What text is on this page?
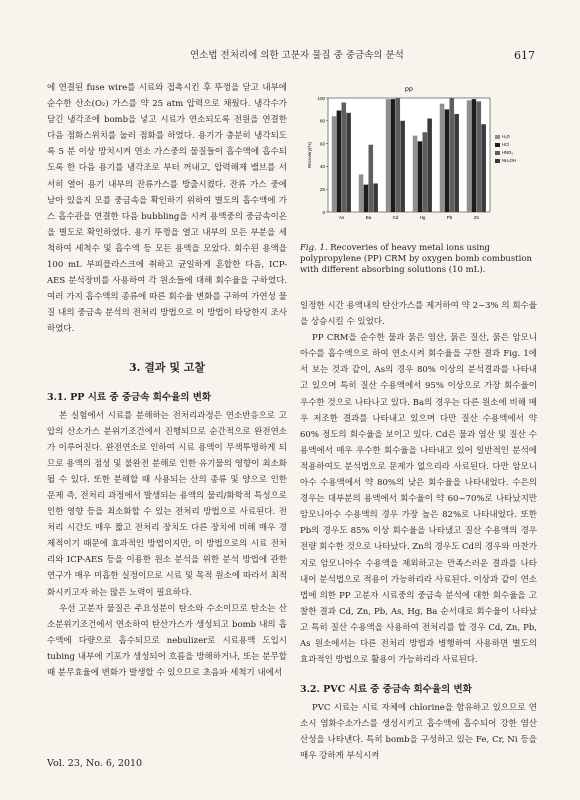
연소법 전처리에 의한 고분자 물질 중 중금속의 분석	617

에 연결된 fuse wire를 시료와 접촉시킨 후 뚜껑을 닫고 내부에 순수한 산소(O₂) 가스를 약 25 atm 압력으로 채웠다. 냉각수가 담긴 냉각조에 bomb을 넣고 시료가 연소되도록 전원을 연결한 다음 점화스위치를 눌러 점화를 하였다. 용기가 충분히 냉각되도록 5 분 이상 방치시켜 연소 가스중의 물질들이 흡수액에 흡수되도록 한 다음 용기를 냉각조로 부터 꺼내고, 압력해제 밸브를 서서히 열어 용기 내부의 잔류가스를 방출시켰다. 잔류 가스 중에 남아 있을지 모를 중금속을 확인하기 위하여 별도의 흡수액에 가스 흡수관을 연결한 다음 bubbling을 시켜 용액중의 중금속이온을 별도로 확인하였다. 용기 뚜껑을 열고 내부의 모든 부분을 세척하여 세척수 및 흡수액 등 모든 용액을 모았다. 회수된 용액을 100 mL 부피플라스크에 취하고 균일하게 혼합한 다음, ICP-AES 분석장비를 사용하여 각 원소들에 대해 회수율을 구하였다. 여러 가지 흡수액의 종류에 따른 회수율 변화를 구하여 가연성 물질 내의 중금속 분석의 전처리 방법으로 이 방법이 타당한지 조사하였다.

3. 결과 및 고찰
3.1. PP 시료 중 중금속 회수율의 변화

본 실험에서 시료를 분해하는 전처리과정은 연소반응으로 고압의 산소가스 분위기조건에서 진행되므로 순간적으로 완전연소가 이루어진다. 완전연소로 인하여 시료 용액이 무색투명하게 되므로 용액의 점성 및 불완전 분해로 인한 유기물의 영향이 최소화 될 수 있다. 또한 분해할 때 사용되는 산의 종류 및 양으로 인한 문제 즉, 전처리 과정에서 발생되는 용액의 물리/화학적 특성으로 인한 영향 등을 최소화할 수 있는 전처리 방법으로 사료된다. 전처리 시간도 매우 짧고 전처리 장치도 다른 장치에 비해 매우 경제적이기 때문에 효과적인 방법이지만, 이 방법으로의 시료 전처리와 ICP-AES 등을 이용한 원소 분석을 위한 분석 방법에 관한 연구가 매우 미흡한 실정이므로 시료 및 목적 원소에 따라서 최적화시키고자 하는 많은 노력이 필요하다.

우선 고분자 물질은 주요성분이 탄소와 수소이므로 탄소는 산소분위기조건에서 연소하여 탄산가스가 생성되고 bomb 내의 흡수액에 다량으로 흡수되므로 nebulizer로 시료용액 도입시 tubing 내부에 기포가 생성되어 흐름을 방해하거나, 또는 분무할 때 분무효율에 변화가 발생할 수 있으므로 초음파 세척기 내에서

PP
0
20
40
60
80
100
Recovery(%)
As	Ba	Cd	Hg	Pb	Zn
H₂O
HCl
HNO₃
NH₄OH
Fig. 1. Recoveries of heavy metal ions using polypropylene (PP) CRM by oxygen bomb combustion with different absorbing solutions (10 mL).

일정한 시간 용액내의 탄산가스를 제거하여 약 2~3% 의 회수율을 상승시킬 수 있었다.

PP CRM을 순수한 물과 묽은 염산, 묽은 질산, 묽은 암모니아수를 흡수액으로 하여 연소시켜 회수율을 구한 결과 Fig. 1에서 보는 것과 같이, As의 경우 80% 이상의 분석결과를 나타내고 있으며 특히 질산 수용액에서 95% 이상으로 가장 회수율이 우수한 것으로 나타나고 있다. Ba의 경우는 다른 원소에 비해 매우 저조한 결과를 나타내고 있으며 다만 질산 수용액에서 약 60% 정도의 회수율을 보이고 있다. Cd은 물과 염산 및 질산 수용액에서 매우 우수한 회수율을 나타내고 있어 일반적인 분석에 적용하여도 분석법으로 문제가 없으리라 사료된다. 다만 암모니아수 수용액에서 약 80%의 낮은 회수율을 나타내었다. 수은의 경우는 대부분의 용액에서 회수율이 약 60~70%로 나타났지만 암모니아수 수용액의 경우 가장 높은 82%로 나타내었다. 또한 Pb의 경우도 85% 이상 회수율을 나타냈고 질산 수용액의 경우 전량 회수한 것으로 나타났다. Zn의 경우도 Cd의 경우와 마찬가지로 암모니아수 수용액을 제외하고는 만족스러운 결과를 나타내어 분석법으로 적용이 가능하리라 사료된다. 이상과 같이 연소법에 의한 PP 고분자 시료중의 중금속 분석에 대한 회수율을 고찰한 결과 Cd, Zn, Pb, As, Hg, Ba 순서대로 회수율이 나타났고 특히 질산 수용액을 사용하여 전처리를 할 경우 Cd, Zn, Pb, As 원소에서는 다른 전처리 방법과 병행하여 사용하면 별도의 효과적인 방법으로 활용이 가능하리라 사료된다.

3.2. PVC 시료 중 중금속 회수율의 변화

PVC 시료는 시료 자체에 chlorine을 함유하고 있으므로 연소시 염화수소가스를 생성시키고 흡수액에 흡수되어 강한 염산 산성을 나타낸다. 특히 bomb을 구성하고 있는 Fe, Cr, Ni 등을 매우 강하게 부식시켜

Vol. 23, No. 6, 2010
